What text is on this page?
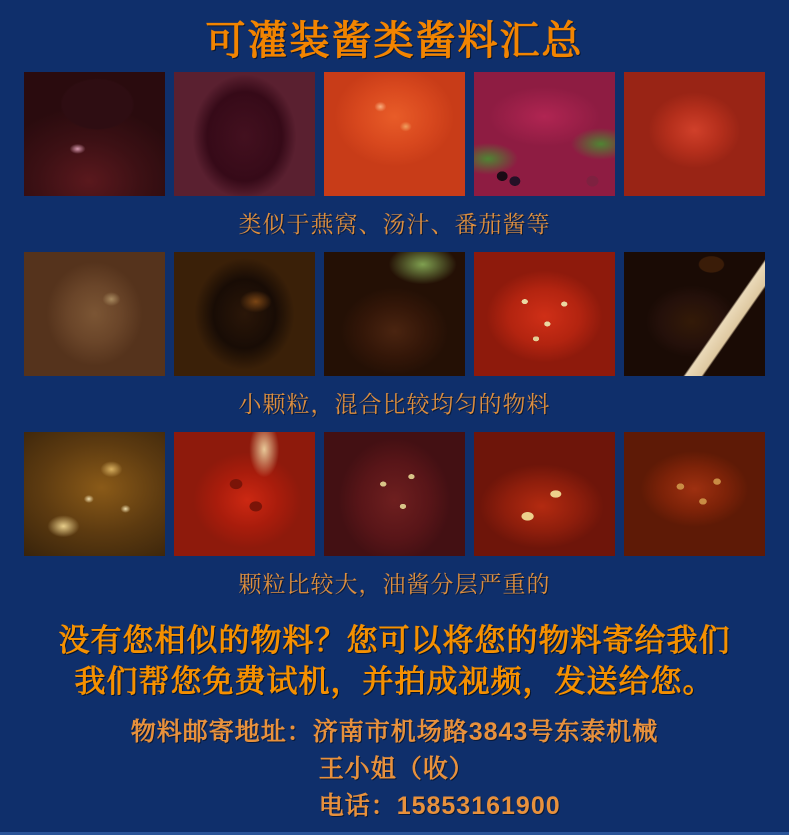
可灌装酱类酱料汇总
类似于燕窝、汤汁、番茄酱等
小颗粒，混合比较均匀的物料
颗粒比较大，油酱分层严重的
没有您相似的物料？您可以将您的物料寄给我们
我们帮您免费试机，并拍成视频，发送给您。
物料邮寄地址：济南市机场路3843号东泰机械
王小姐（收）
电话：15853161900
